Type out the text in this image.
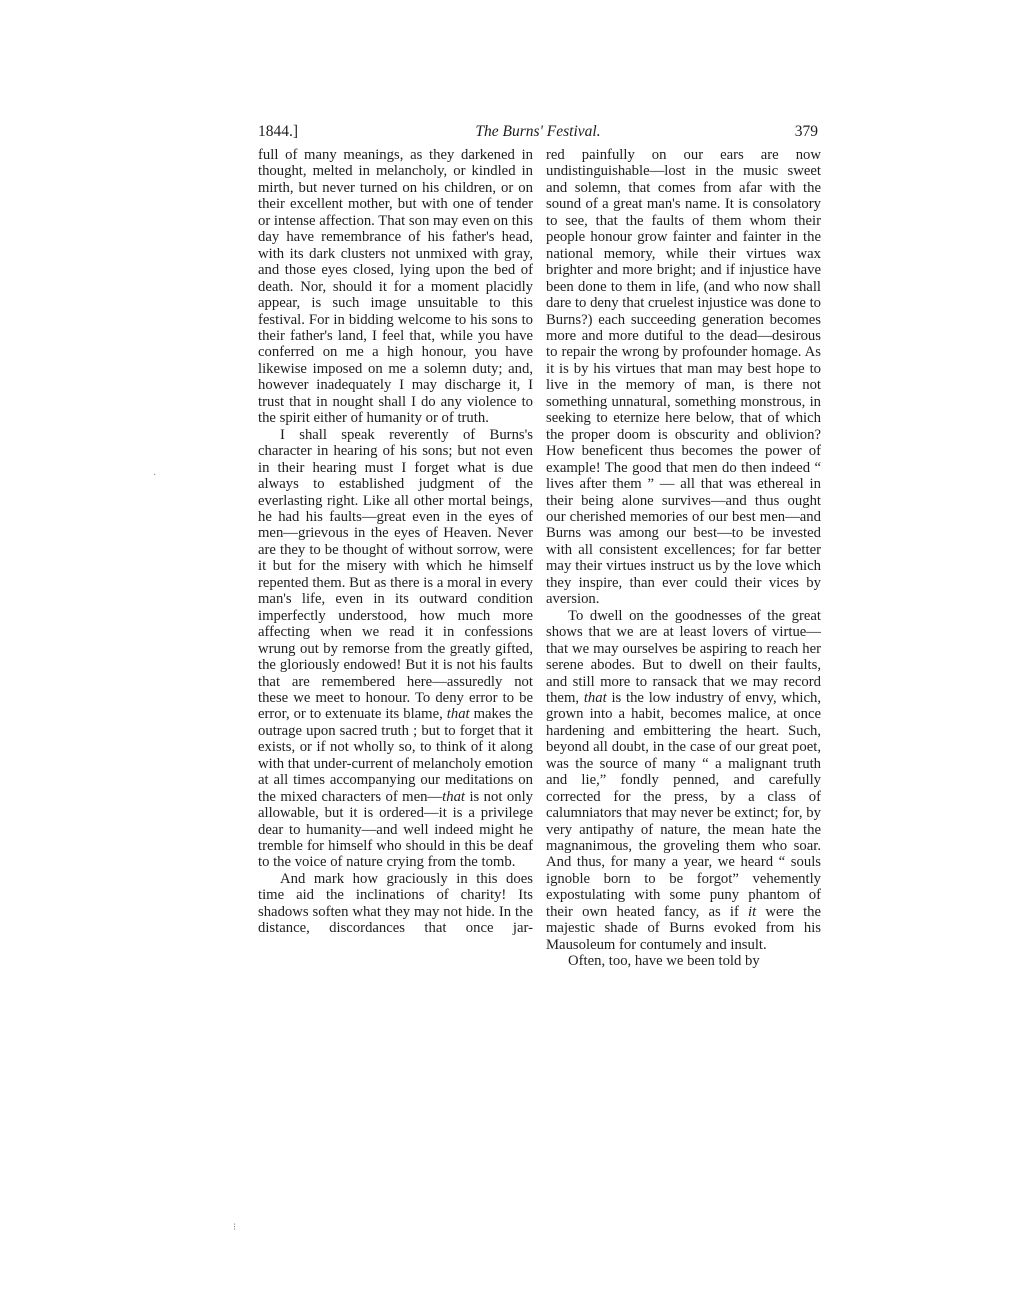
1844.]	The Burns' Festival.	379

full of many meanings, as they darkened in thought, melted in melancholy, or kindled in mirth, but never turned on his children, or on their excellent mother, but with one of tender or intense affection. That son may even on this day have remembrance of his father's head, with its dark clusters not unmixed with gray, and those eyes closed, lying upon the bed of death. Nor, should it for a moment placidly appear, is such image unsuitable to this festival. For in bidding welcome to his sons to their father's land, I feel that, while you have conferred on me a high honour, you have likewise imposed on me a solemn duty; and, however inadequately I may discharge it, I trust that in nought shall I do any violence to the spirit either of humanity or of truth.

I shall speak reverently of Burns's character in hearing of his sons; but not even in their hearing must I forget what is due always to established judgment of the everlasting right. Like all other mortal beings, he had his faults—great even in the eyes of men—grievous in the eyes of Heaven. Never are they to be thought of without sorrow, were it but for the misery with which he himself repented them. But as there is a moral in every man's life, even in its outward condition imperfectly understood, how much more affecting when we read it in confessions wrung out by remorse from the greatly gifted, the gloriously endowed! But it is not his faults that are remembered here—assuredly not these we meet to honour. To deny error to be error, or to extenuate its blame, that makes the outrage upon sacred truth ; but to forget that it exists, or if not wholly so, to think of it along with that under-current of melancholy emotion at all times accompanying our meditations on the mixed characters of men—that is not only allowable, but it is ordered—it is a privilege dear to humanity—and well indeed might he tremble for himself who should in this be deaf to the voice of nature crying from the tomb.

And mark how graciously in this does time aid the inclinations of charity! Its shadows soften what they may not hide. In the distance, discordances that once jar-

red painfully on our ears are now undistinguishable—lost in the music sweet and solemn, that comes from afar with the sound of a great man's name. It is consolatory to see, that the faults of them whom their people honour grow fainter and fainter in the national memory, while their virtues wax brighter and more bright; and if injustice have been done to them in life, (and who now shall dare to deny that cruelest injustice was done to Burns?) each succeeding generation becomes more and more dutiful to the dead—desirous to repair the wrong by profounder homage. As it is by his virtues that man may best hope to live in the memory of man, is there not something unnatural, something monstrous, in seeking to eternize here below, that of which the proper doom is obscurity and oblivion? How beneficent thus becomes the power of example! The good that men do then indeed “ lives after them ” — all that was ethereal in their being alone survives—and thus ought our cherished memories of our best men—and Burns was among our best—to be invested with all consistent excellences; for far better may their virtues instruct us by the love which they inspire, than ever could their vices by aversion.

To dwell on the goodnesses of the great shows that we are at least lovers of virtue—that we may ourselves be aspiring to reach her serene abodes. But to dwell on their faults, and still more to ransack that we may record them, that is the low industry of envy, which, grown into a habit, becomes malice, at once hardening and embittering the heart. Such, beyond all doubt, in the case of our great poet, was the source of many “ a malignant truth and lie,” fondly penned, and carefully corrected for the press, by a class of calumniators that may never be extinct; for, by very antipathy of nature, the mean hate the magnanimous, the groveling them who soar. And thus, for many a year, we heard “ souls ignoble born to be forgot” vehemently expostulating with some puny phantom of their own heated fancy, as if it were the majestic shade of Burns evoked from his Mausoleum for contumely and insult.

Often, too, have we been told by

·
⁝
